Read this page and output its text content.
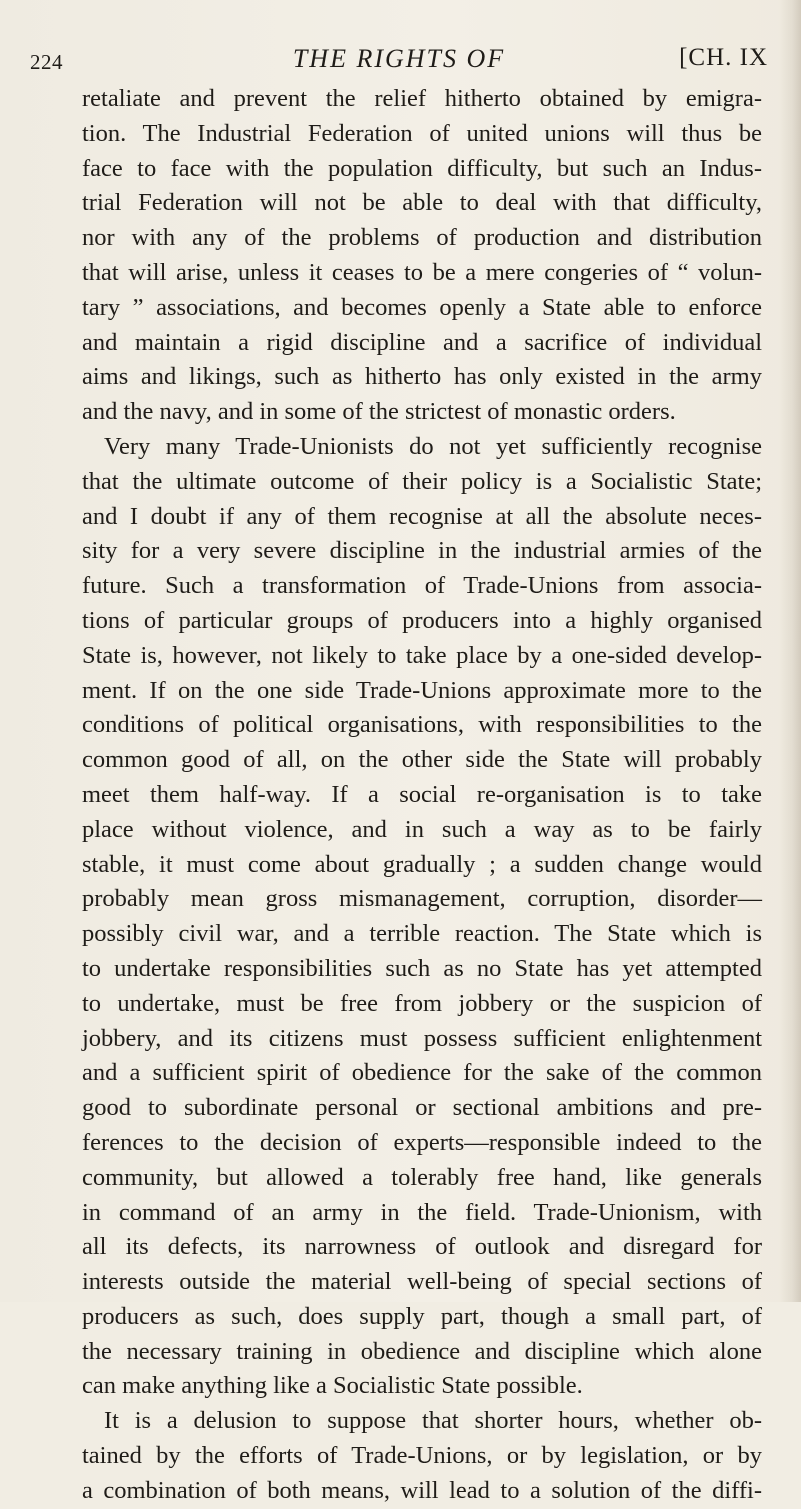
224	THE RIGHTS OF	[CH. IX
retaliate and prevent the relief hitherto obtained by emigra-
tion. The Industrial Federation of united unions will thus be
face to face with the population difficulty, but such an Indus-
trial Federation will not be able to deal with that difficulty,
nor with any of the problems of production and distribution
that will arise, unless it ceases to be a mere congeries of “ volun-
tary ” associations, and becomes openly a State able to enforce
and maintain a rigid discipline and a sacrifice of individual
aims and likings, such as hitherto has only existed in the army
and the navy, and in some of the strictest of monastic orders.
Very many Trade-Unionists do not yet sufficiently recognise
that the ultimate outcome of their policy is a Socialistic State;
and I doubt if any of them recognise at all the absolute neces-
sity for a very severe discipline in the industrial armies of the
future. Such a transformation of Trade-Unions from associa-
tions of particular groups of producers into a highly organised
State is, however, not likely to take place by a one-sided develop-
ment. If on the one side Trade-Unions approximate more to the
conditions of political organisations, with responsibilities to the
common good of all, on the other side the State will probably
meet them half-way. If a social re-organisation is to take
place without violence, and in such a way as to be fairly
stable, it must come about gradually ; a sudden change would
probably mean gross mismanagement, corruption, disorder—
possibly civil war, and a terrible reaction. The State which is
to undertake responsibilities such as no State has yet attempted
to undertake, must be free from jobbery or the suspicion of
jobbery, and its citizens must possess sufficient enlightenment
and a sufficient spirit of obedience for the sake of the common
good to subordinate personal or sectional ambitions and pre-
ferences to the decision of experts—responsible indeed to the
community, but allowed a tolerably free hand, like generals
in command of an army in the field. Trade-Unionism, with
all its defects, its narrowness of outlook and disregard for
interests outside the material well-being of special sections of
producers as such, does supply part, though a small part, of
the necessary training in obedience and discipline which alone
can make anything like a Socialistic State possible.
It is a delusion to suppose that shorter hours, whether ob-
tained by the efforts of Trade-Unions, or by legislation, or by
a combination of both means, will lead to a solution of the diffi-
